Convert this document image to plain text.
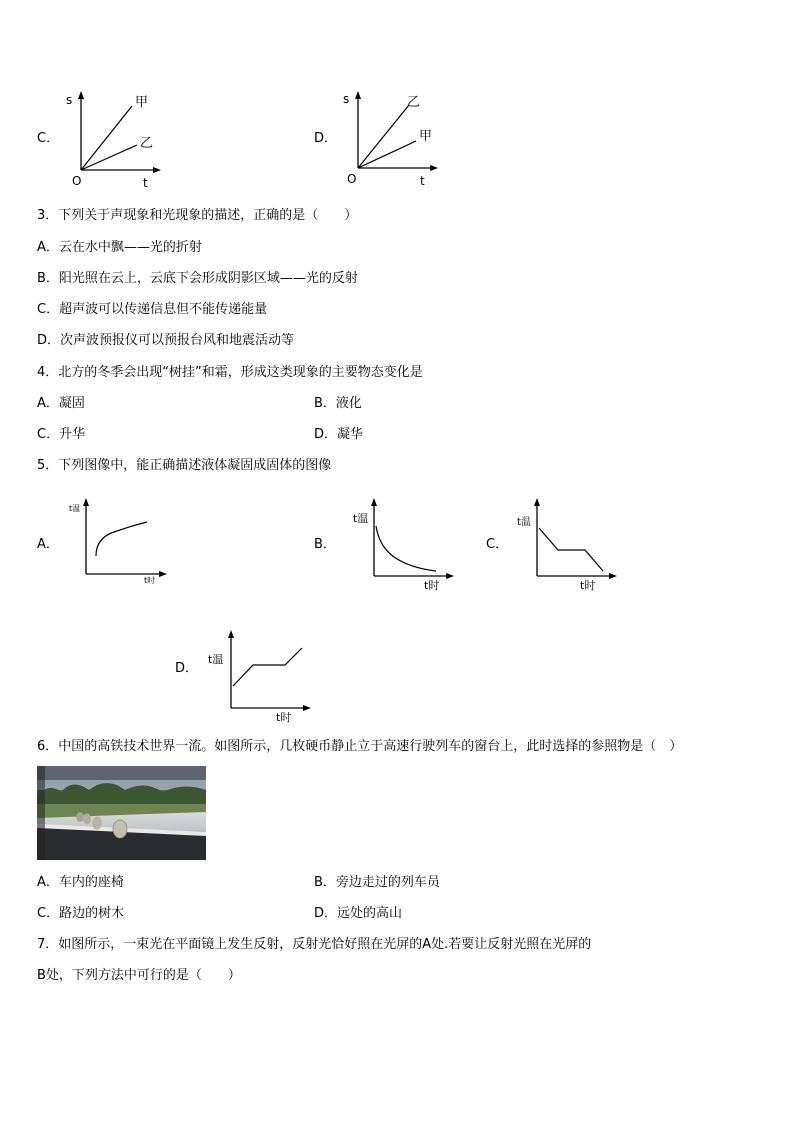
C．
s
O	t
甲
乙	D．
s
O	t
乙
甲
3．下列关于声现象和光现象的描述，正确的是（　　）
A．云在水中飘——光的折射
B．阳光照在云上，云底下会形成阴影区域——光的反射
C．超声波可以传递信息但不能传递能量
D．次声波预报仪可以预报台风和地震活动等
4．北方的冬季会出现“树挂”和霜，形成这类现象的主要物态变化是
A．凝固	B．液化
C．升华	D．凝华
5．下列图像中，能正确描述液体凝固成固体的图像
A．
t温
t时
B．
t温
t时
C．
t温
t时
D．
t温
t时
6．中国的高铁技术世界一流。如图所示，几枚硬币静止立于高速行驶列车的窗台上，此时选择的参照物是（　）
A．车内的座椅	B．旁边走过的列车员
C．路边的树木	D．远处的高山
7．如图所示，一束光在平面镜上发生反射，反射光恰好照在光屏的A处.若要让反射光照在光屏的
B处，下列方法中可行的是（　　）
